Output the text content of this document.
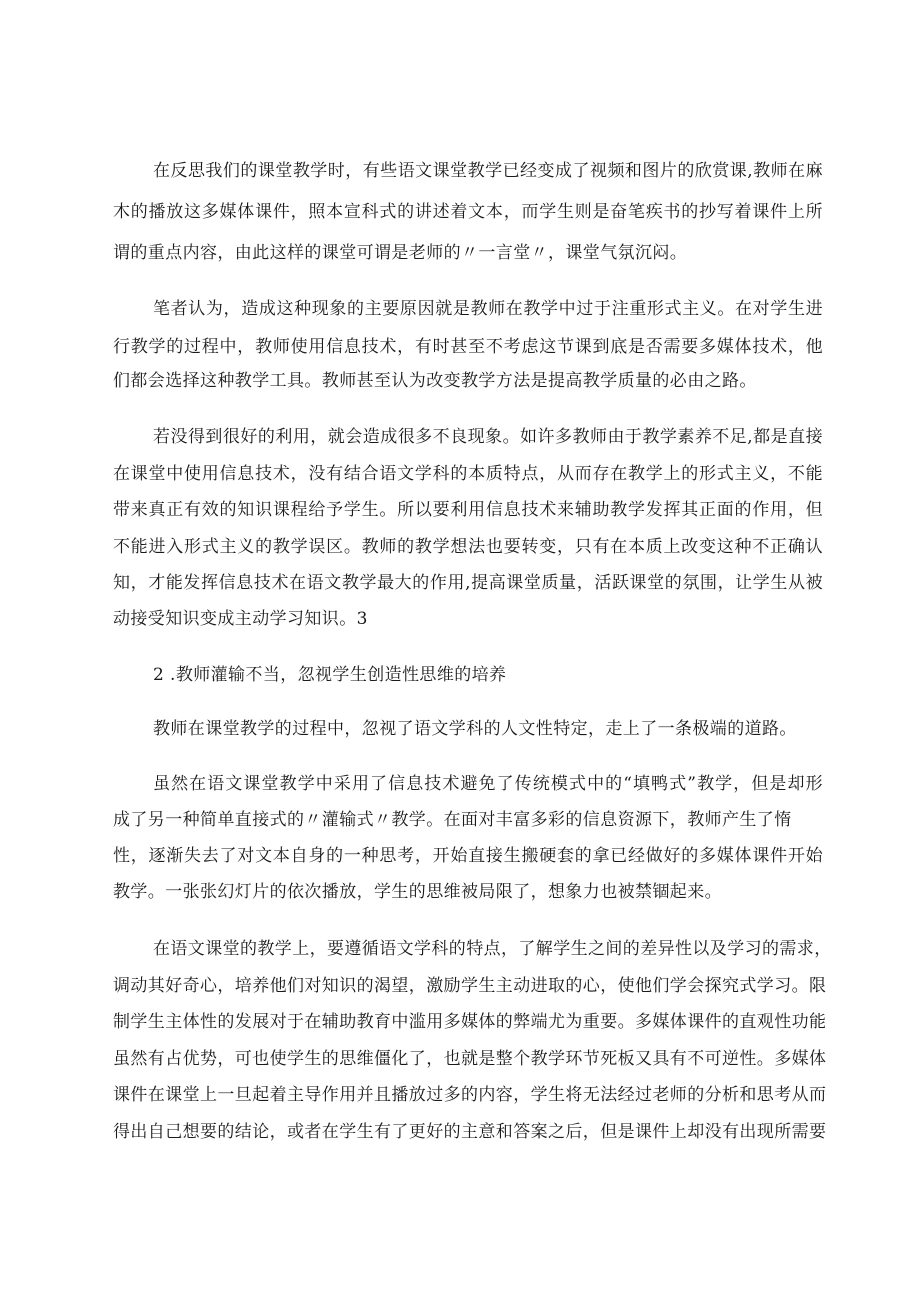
在反思我们的课堂教学时，有些语文课堂教学已经变成了视频和图片的欣赏课,教师在麻
木的播放这多媒体课件，照本宣科式的讲述着文本，而学生则是奋笔疾书的抄写着课件上所
谓的重点内容，由此这样的课堂可谓是老师的〃一言堂〃，课堂气氛沉闷。
笔者认为，造成这种现象的主要原因就是教师在教学中过于注重形式主义。在对学生进
行教学的过程中，教师使用信息技术，有时甚至不考虑这节课到底是否需要多媒体技术，他
们都会选择这种教学工具。教师甚至认为改变教学方法是提高教学质量的必由之路。
若没得到很好的利用，就会造成很多不良现象。如许多教师由于教学素养不足,都是直接
在课堂中使用信息技术，没有结合语文学科的本质特点，从而存在教学上的形式主义，不能
带来真正有效的知识课程给予学生。所以要利用信息技术来辅助教学发挥其正面的作用，但
不能进入形式主义的教学误区。教师的教学想法也要转变，只有在本质上改变这种不正确认
知，才能发挥信息技术在语文教学最大的作用,提高课堂质量，活跃课堂的氛围，让学生从被
动接受知识变成主动学习知识。3
2 .教师灌输不当，忽视学生创造性思维的培养
教师在课堂教学的过程中，忽视了语文学科的人文性特定，走上了一条极端的道路。
虽然在语文课堂教学中采用了信息技术避免了传统模式中的“填鸭式”教学，但是却形
成了另一种简单直接式的〃灌输式〃教学。在面对丰富多彩的信息资源下，教师产生了惰
性，逐渐失去了对文本自身的一种思考，开始直接生搬硬套的拿已经做好的多媒体课件开始
教学。一张张幻灯片的依次播放，学生的思维被局限了，想象力也被禁锢起来。
在语文课堂的教学上，要遵循语文学科的特点，了解学生之间的差异性以及学习的需求，
调动其好奇心，培养他们对知识的渴望，激励学生主动进取的心，使他们学会探究式学习。限
制学生主体性的发展对于在辅助教育中滥用多媒体的弊端尤为重要。多媒体课件的直观性功能
虽然有占优势，可也使学生的思维僵化了，也就是整个教学环节死板又具有不可逆性。多媒体
课件在课堂上一旦起着主导作用并且播放过多的内容，学生将无法经过老师的分析和思考从而
得出自己想要的结论，或者在学生有了更好的主意和答案之后，但是课件上却没有出现所需要
